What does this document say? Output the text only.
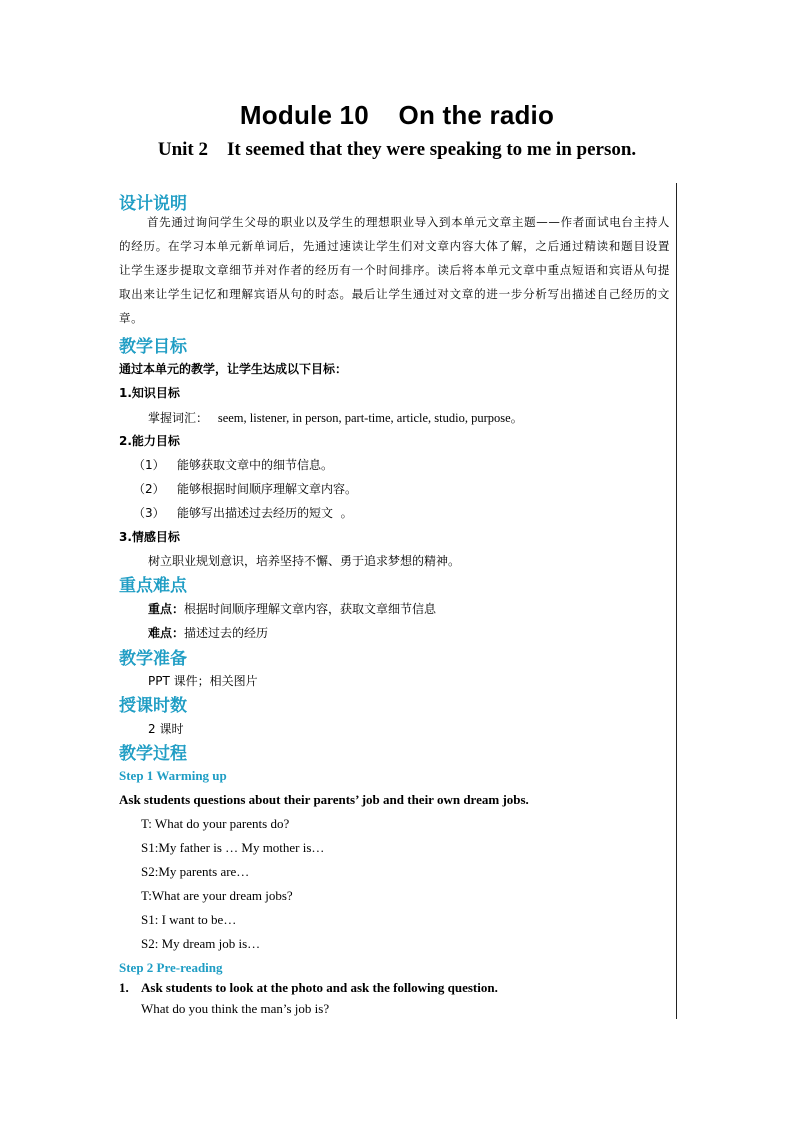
Module 10    On the radio
Unit 2    It seemed that they were speaking to me in person.
设计说明
首先通过询问学生父母的职业以及学生的理想职业导入到本单元文章主题——作者面试电台主持人的经历。在学习本单元新单词后，先通过速读让学生们对文章内容大体了解，之后通过精读和题目设置让学生逐步提取文章细节并对作者的经历有一个时间排序。读后将本单元文章中重点短语和宾语从句提取出来让学生记忆和理解宾语从句的时态。最后让学生通过对文章的进一步分析写出描述自己经历的文章。
教学目标
通过本单元的教学，让学生达成以下目标：
1.知识目标
掌握词汇： seem, listener, in person, part-time, article, studio, purpose。
2.能力目标
（1） 能够获取文章中的细节信息。
（2） 能够根据时间顺序理解文章内容。
（3） 能够写出描述过去经历的短文  。
3.情感目标
树立职业规划意识，培养坚持不懈、勇于追求梦想的精神。
重点难点
重点：根据时间顺序理解文章内容，获取文章细节信息
难点：描述过去的经历
教学准备
PPT 课件；相关图片
授课时数
2 课时
教学过程
Step 1 Warming up
Ask students questions about their parents’ job and their own dream jobs.
T: What do your parents do?
S1:My father is … My mother is…
S2:My parents are…
T:What are your dream jobs?
S1: I want to be…
S2: My dream job is…
Step 2 Pre-reading
1. Ask students to look at the photo and ask the following question.
What do you think the man’s job is?
